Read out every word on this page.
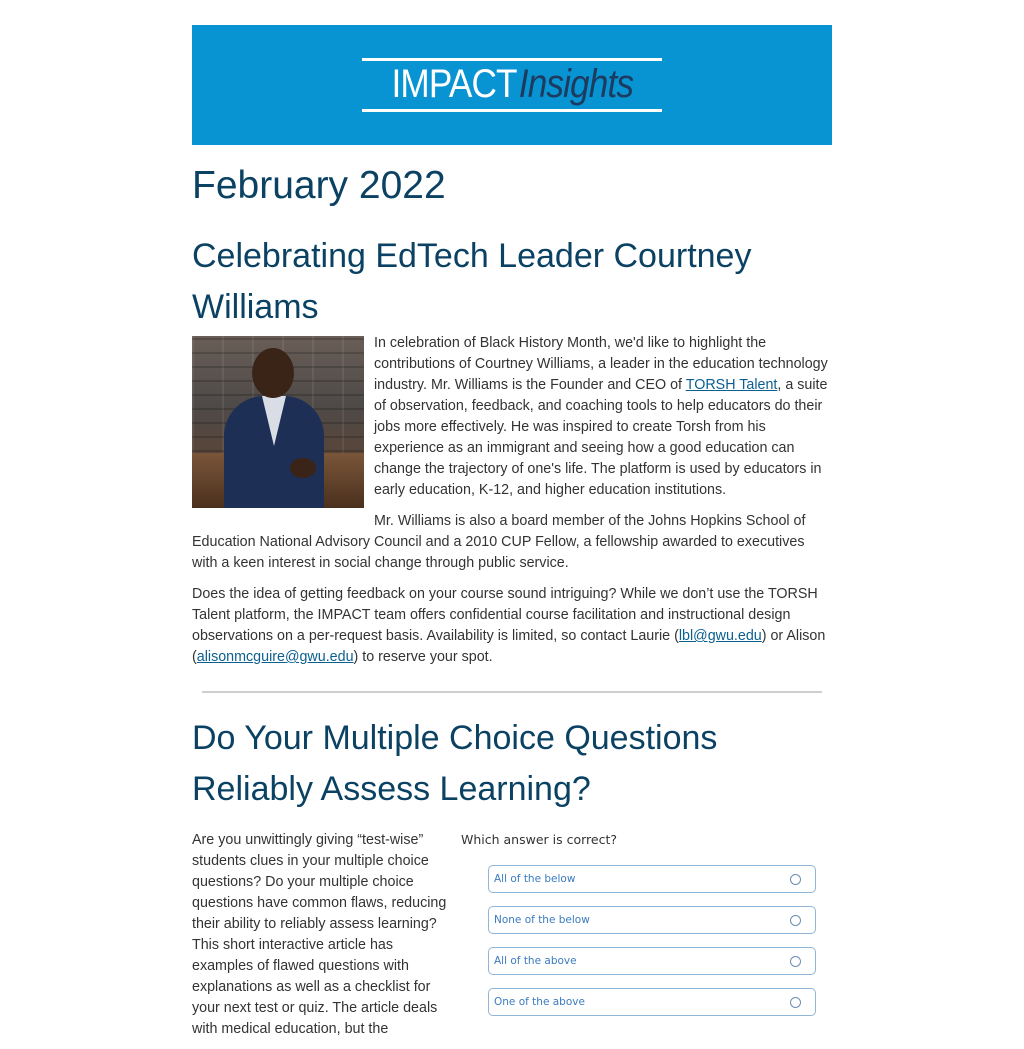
IMPACTInsights
February 2022
Celebrating EdTech Leader Courtney Williams

In celebration of Black History Month, we'd like to highlight the contributions of Courtney Williams, a leader in the education technology industry. Mr. Williams is the Founder and CEO of TORSH Talent, a suite of observation, feedback, and coaching tools to help educators do their jobs more effectively. He was inspired to create Torsh from his experience as an immigrant and seeing how a good education can change the trajectory of one's life. The platform is used by educators in early education, K-12, and higher education institutions.

Mr. Williams is also a board member of the Johns Hopkins School of Education National Advisory Council and a 2010 CUP Fellow, a fellowship awarded to executives with a keen interest in social change through public service.

Does the idea of getting feedback on your course sound intriguing? While we don’t use the TORSH Talent platform, the IMPACT team offers confidential course facilitation and instructional design observations on a per-request basis. Availability is limited, so contact Laurie (lbl@gwu.edu) or Alison (alisonmcguire@gwu.edu) to reserve your spot.

Do Your Multiple Choice Questions Reliably Assess Learning?

Are you unwittingly giving “test-wise” students clues in your multiple choice questions? Do your multiple choice questions have common flaws, reducing their ability to reliably assess learning? This short interactive article has examples of flawed questions with explanations as well as a checklist for your next test or quiz. The article deals with medical education, but the

Which answer is correct?
All of the below
None of the below
All of the above
One of the above
